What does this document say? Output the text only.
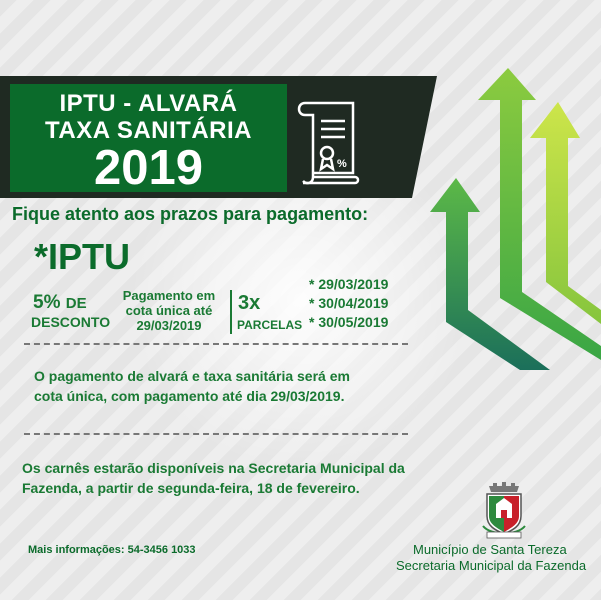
IPTU - ALVARÁ
TAXA SANITÁRIA
2019	%
Fique atento aos prazos para pagamento:
*IPTU
5% DE
DESCONTO
Pagamento em cota única até 29/03/2019
3x
PARCELAS
* 29/03/2019
* 30/04/2019
* 30/05/2019
O pagamento de alvará e taxa sanitária será em cota única, com pagamento até dia 29/03/2019.
Os carnês estarão disponíveis na Secretaria Municipal da Fazenda, a partir de segunda-feira, 18 de fevereiro.
Mais informações: 54-3456 1033	Município de Santa Tereza
Secretaria Municipal da Fazenda
